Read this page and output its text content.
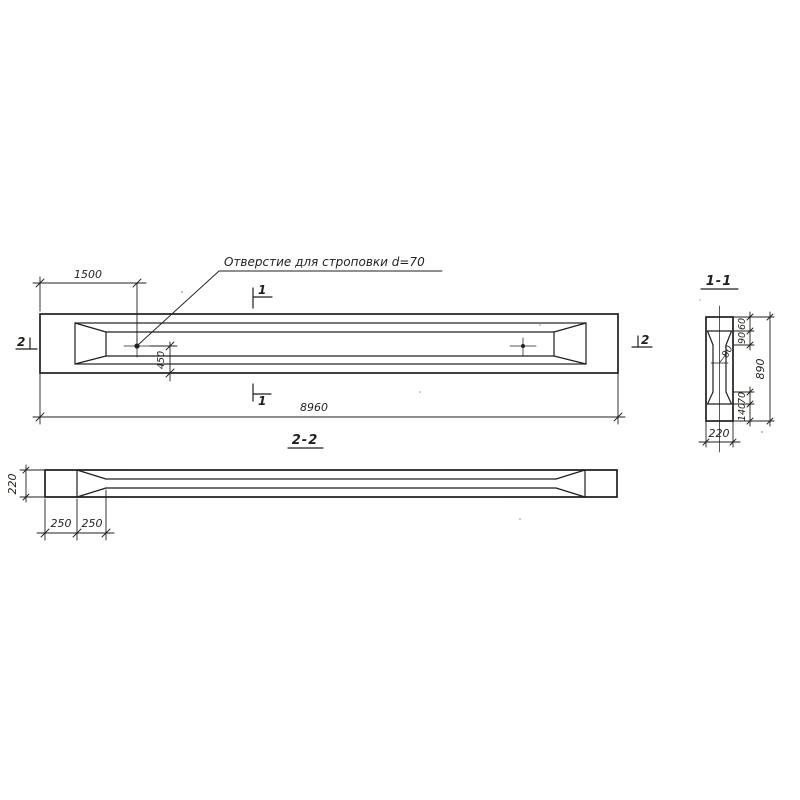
Отверстие для строповки d=70
1500
450
8960
1
1
2	2
1-1
80
60
90
70
140
890
220
2-2
220
250 250
